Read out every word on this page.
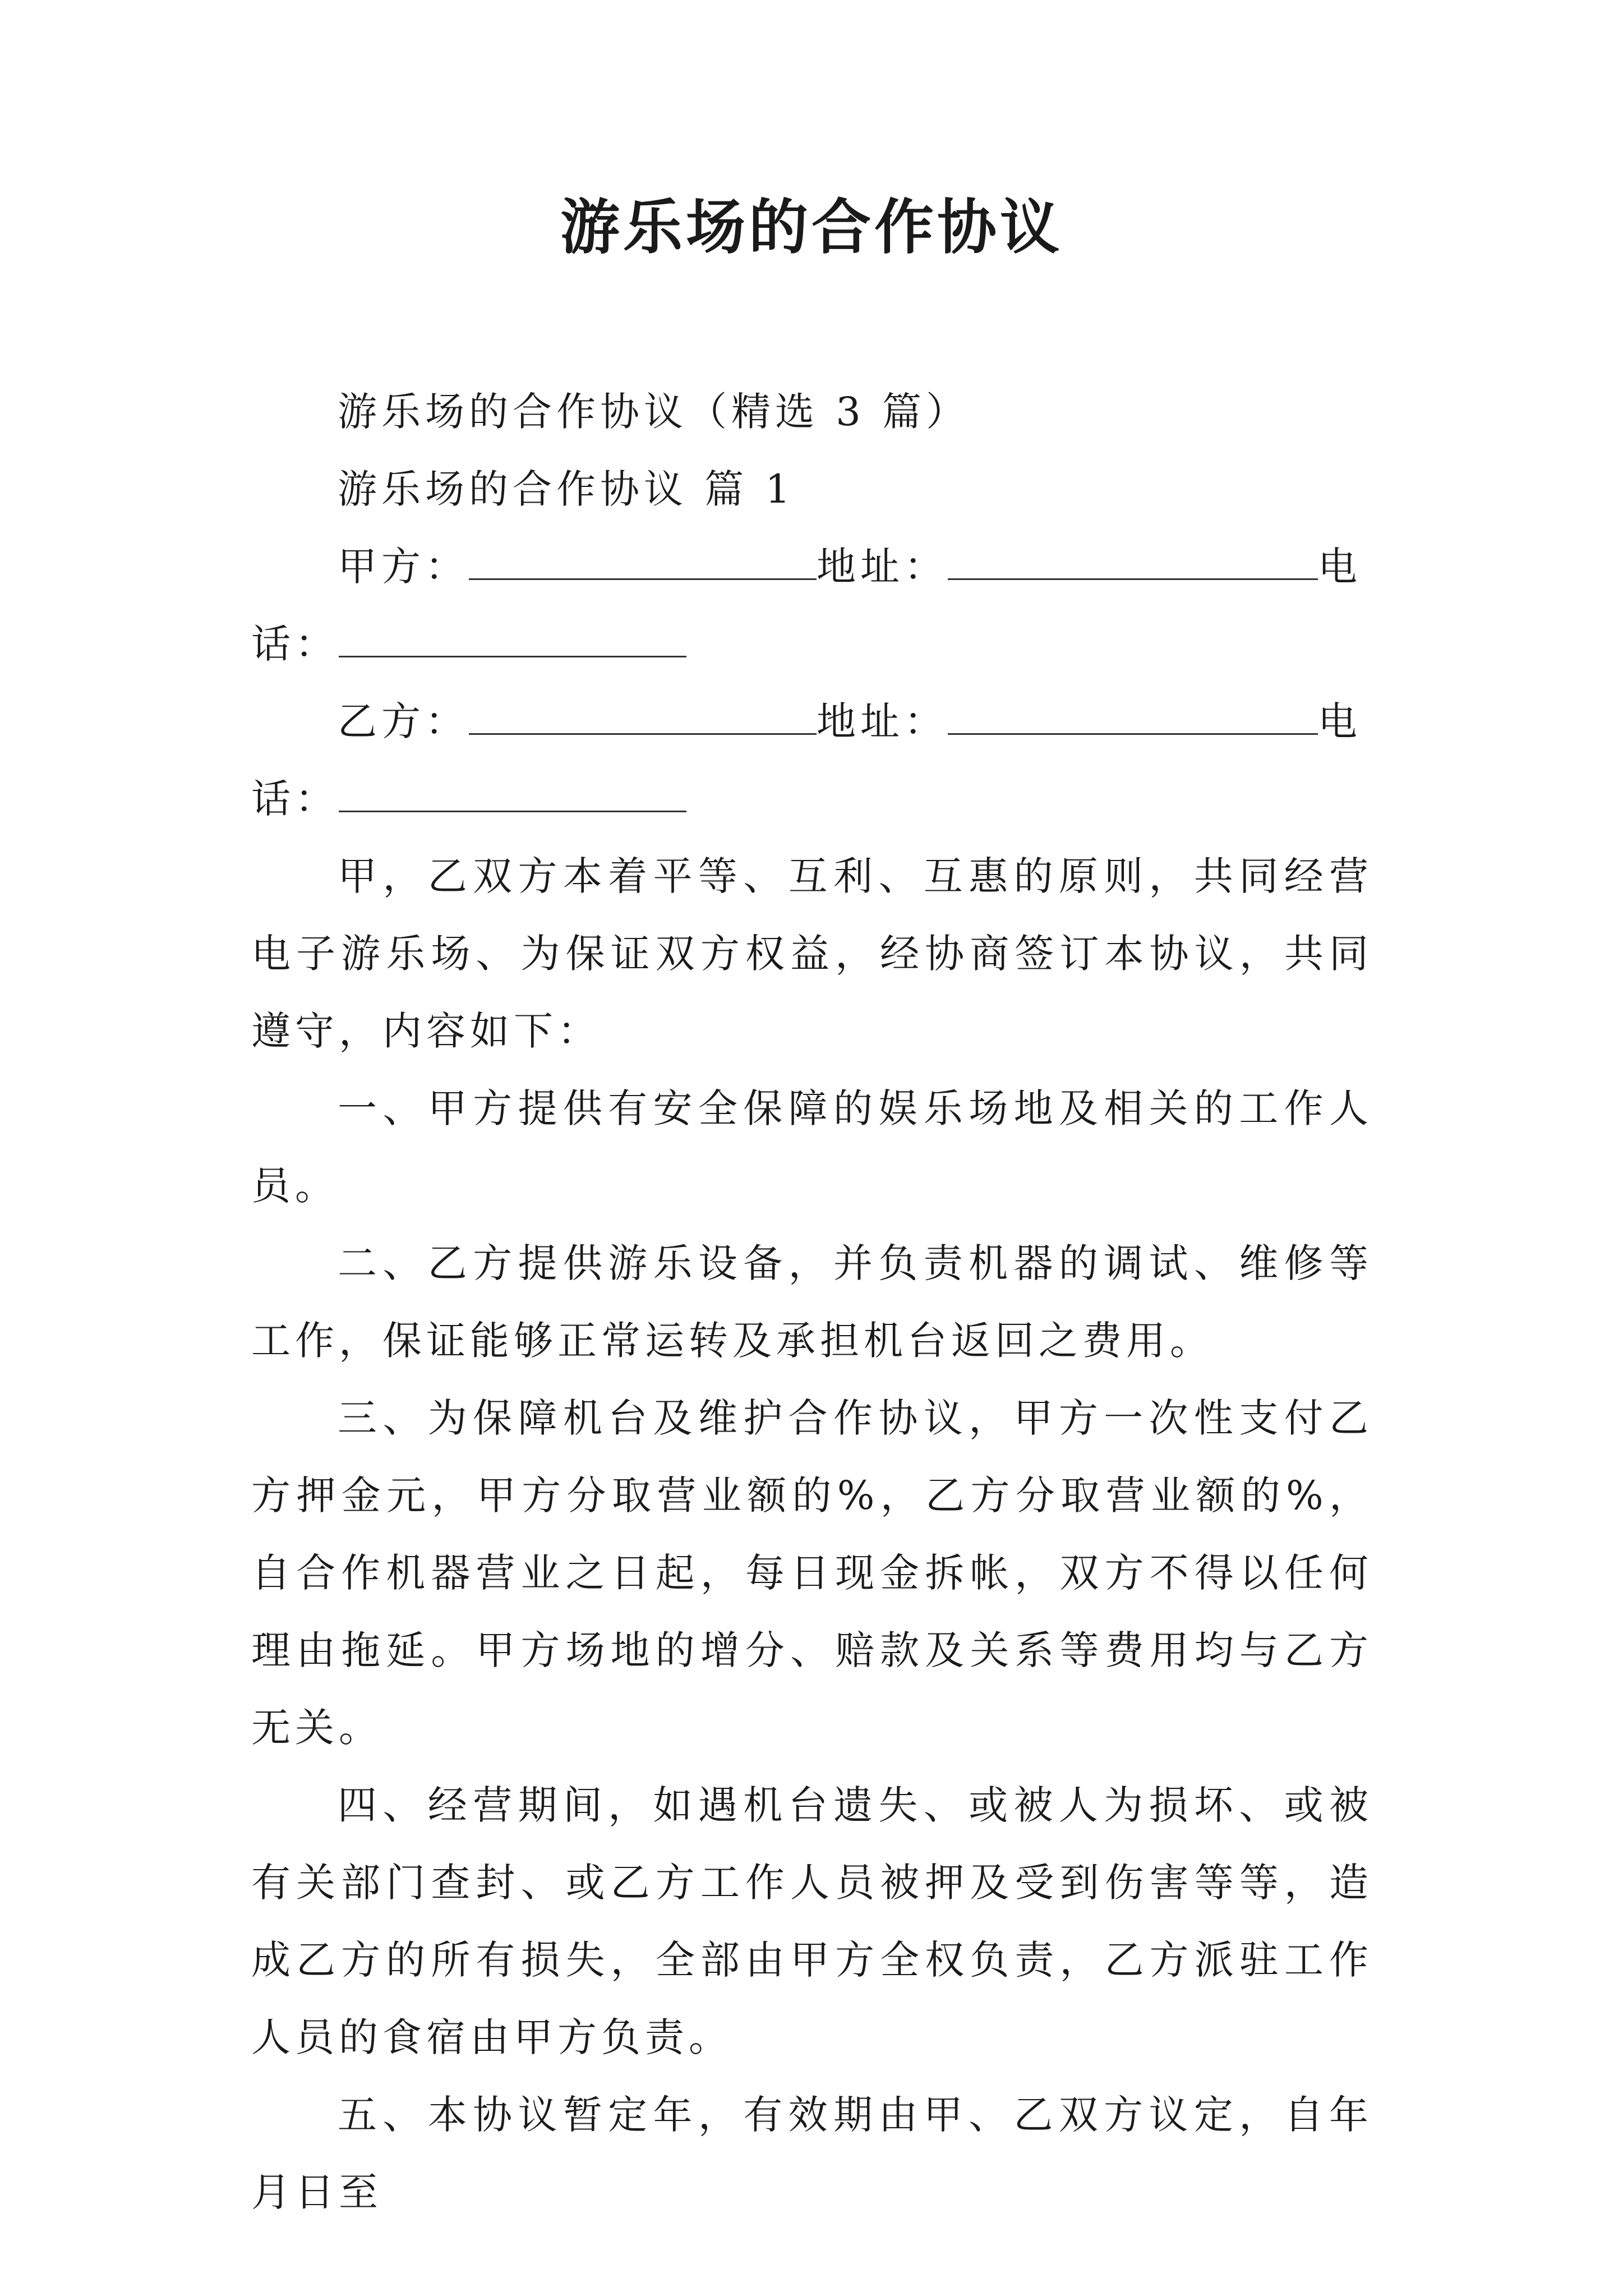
游乐场的合作协议

游乐场的合作协议（精选 3 篇）

游乐场的合作协议 篇 1

甲方：	地址：	电话：

乙方：	地址：	电话：

甲，乙双方本着平等、互利、互惠的原则，共同经营电子游乐场、为保证双方权益，经协商签订本协议，共同遵守，内容如下：

一、甲方提供有安全保障的娱乐场地及相关的工作人员。

二、乙方提供游乐设备，并负责机器的调试、维修等工作，保证能够正常运转及承担机台返回之费用。

三、为保障机台及维护合作协议，甲方一次性支付乙方押金元，甲方分取营业额的%，乙方分取营业额的%，自合作机器营业之日起，每日现金拆帐，双方不得以任何理由拖延。甲方场地的增分、赔款及关系等费用均与乙方无关。

四、经营期间，如遇机台遗失、或被人为损坏、或被有关部门查封、或乙方工作人员被押及受到伤害等等，造成乙方的所有损失，全部由甲方全权负责，乙方派驻工作人员的食宿由甲方负责。

五、本协议暂定年，有效期由甲、乙双方议定，自年月日至
